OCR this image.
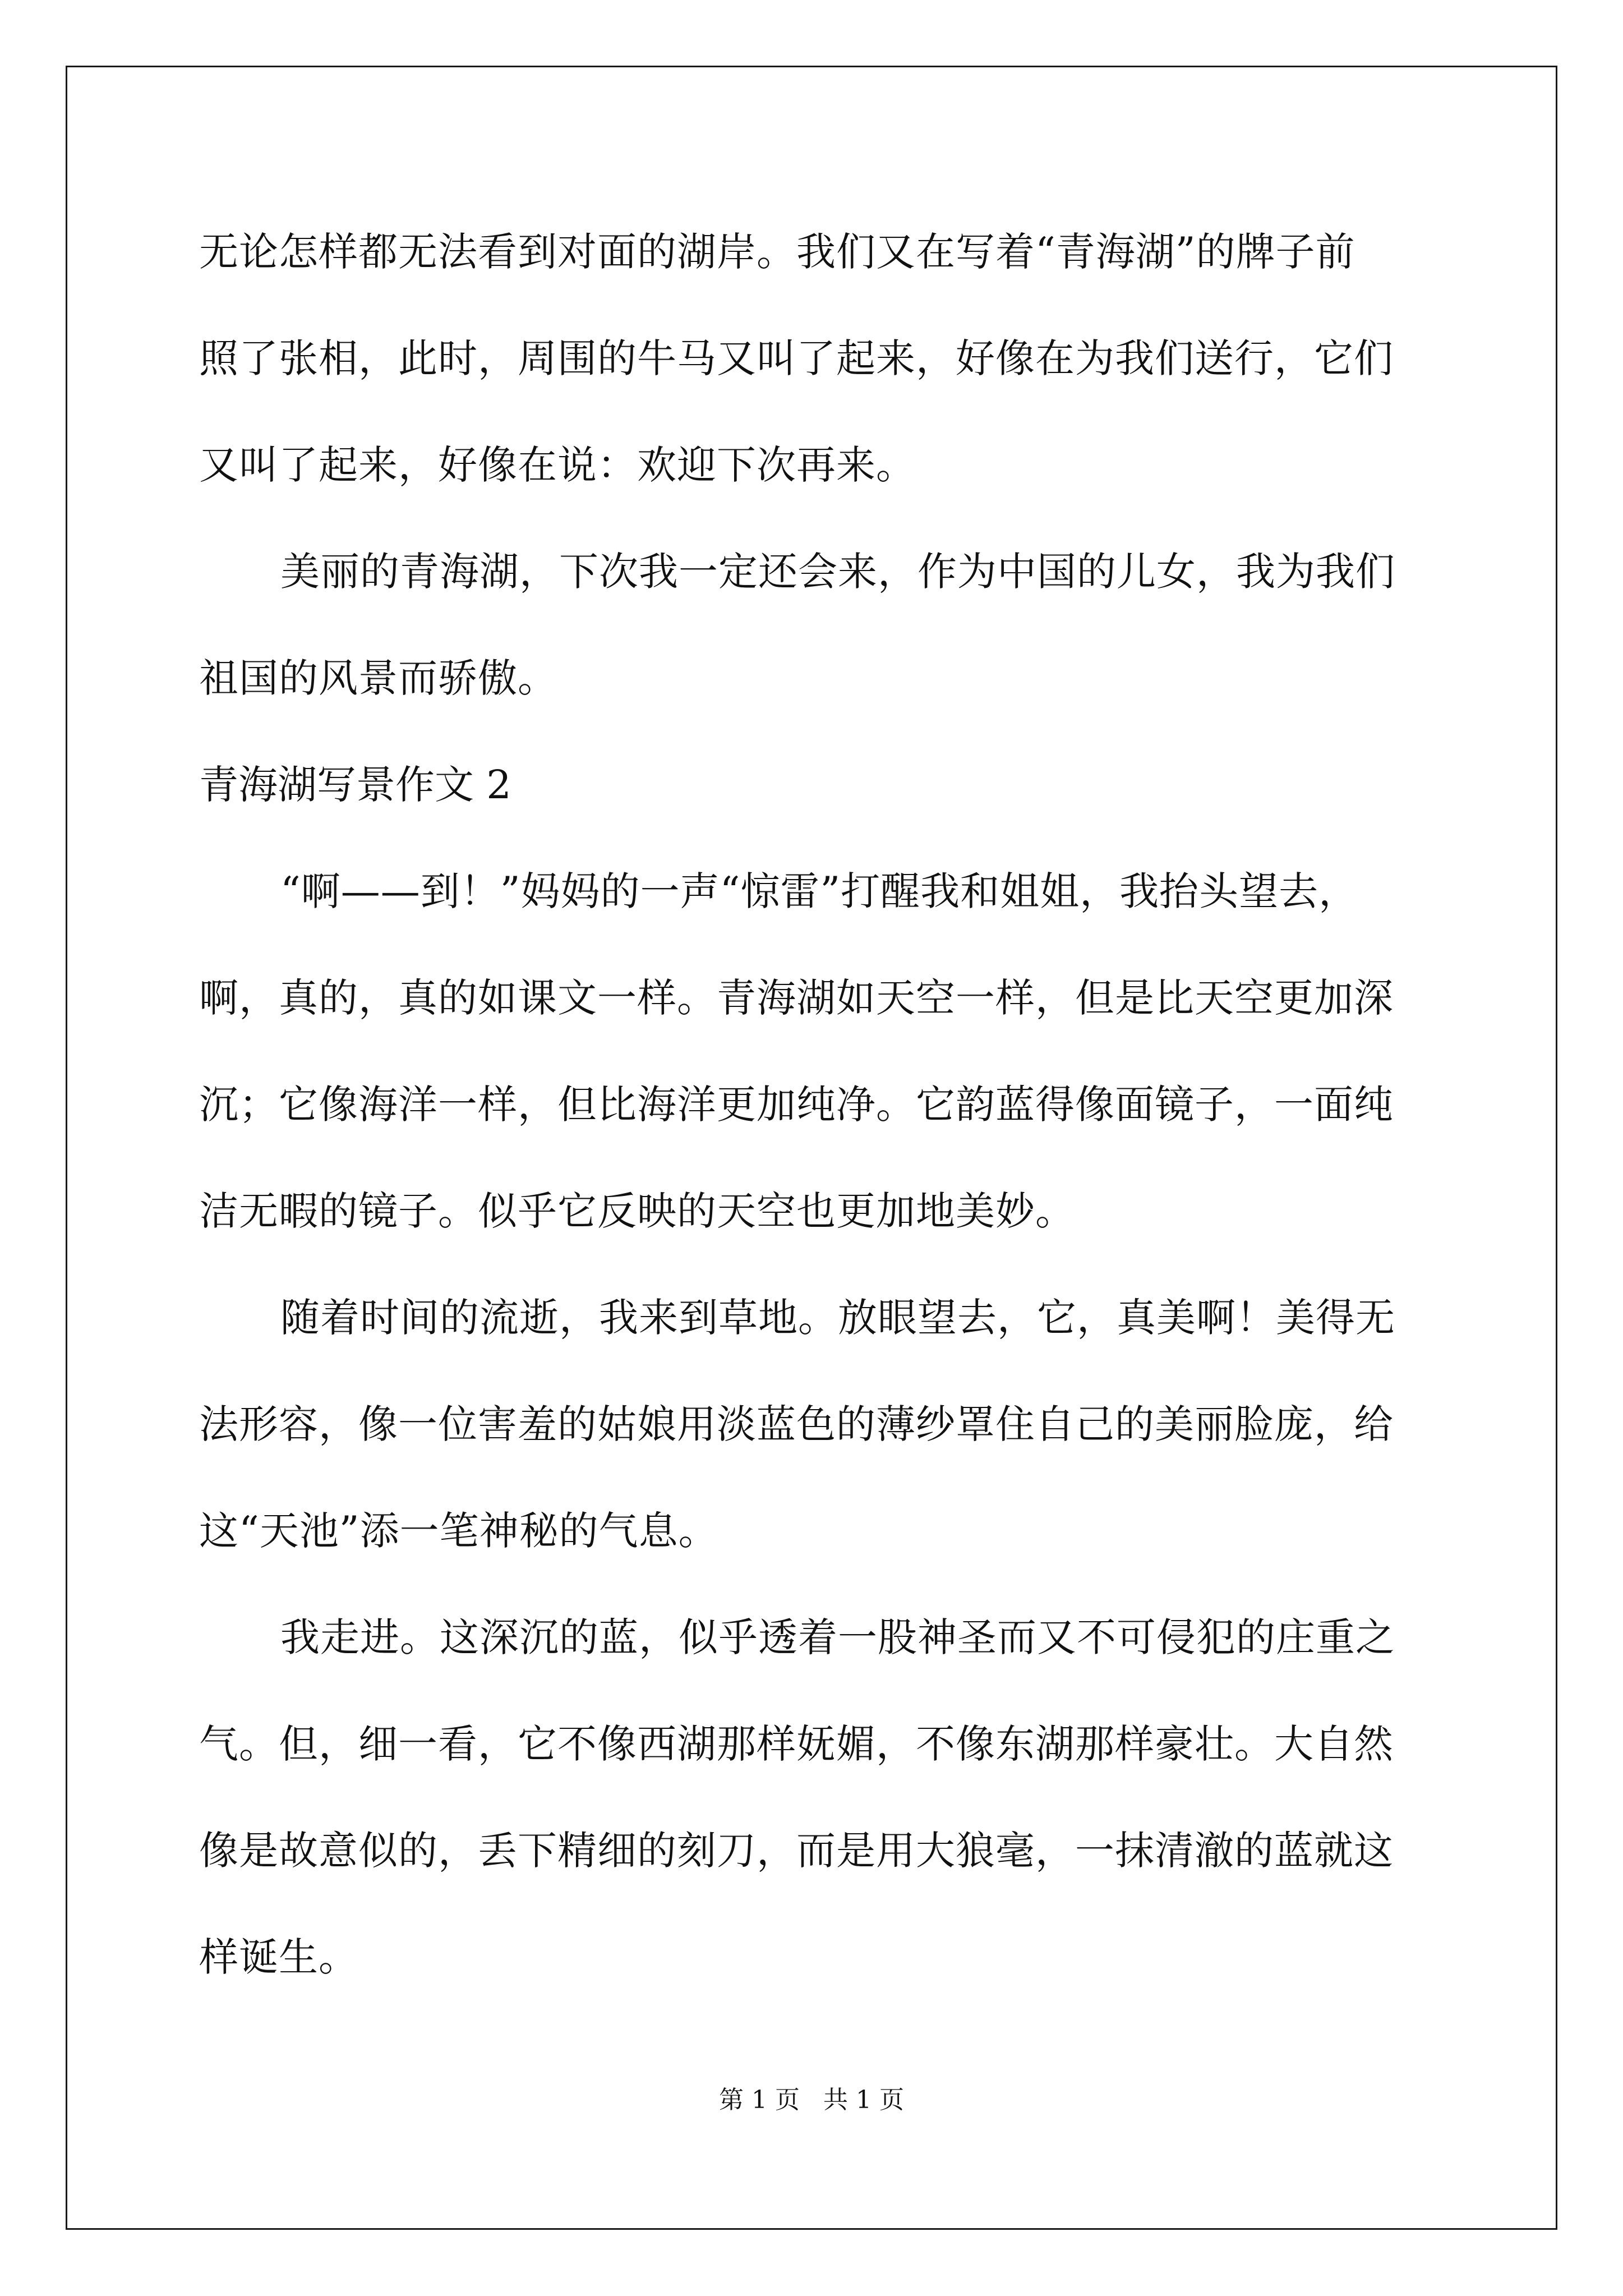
无论怎样都无法看到对面的湖岸。我们又在写着“青海湖”的牌子前
照了张相，此时，周围的牛马又叫了起来，好像在为我们送行，它们
又叫了起来，好像在说：欢迎下次再来。
美丽的青海湖，下次我一定还会来，作为中国的儿女，我为我们
祖国的风景而骄傲。
青海湖写景作文 2
“啊——到！”妈妈的一声“惊雷”打醒我和姐姐，我抬头望去，
啊，真的，真的如课文一样。青海湖如天空一样，但是比天空更加深
沉；它像海洋一样，但比海洋更加纯净。它韵蓝得像面镜子，一面纯
洁无暇的镜子。似乎它反映的天空也更加地美妙。
随着时间的流逝，我来到草地。放眼望去，它，真美啊！美得无
法形容，像一位害羞的姑娘用淡蓝色的薄纱罩住自己的美丽脸庞，给
这“天池”添一笔神秘的气息。
我走进。这深沉的蓝，似乎透着一股神圣而又不可侵犯的庄重之
气。但，细一看，它不像西湖那样妩媚，不像东湖那样豪壮。大自然
像是故意似的，丢下精细的刻刀，而是用大狼毫，一抹清澈的蓝就这
样诞生。
第 1 页   共 1 页
